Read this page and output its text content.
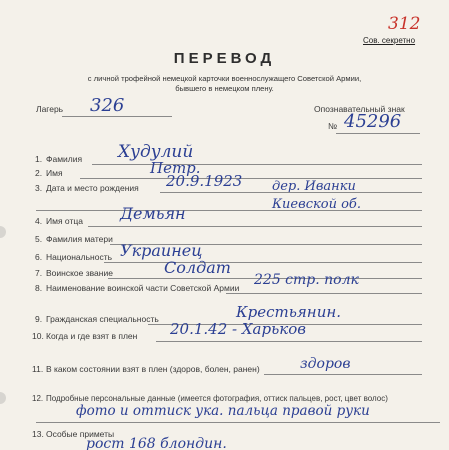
312
Сов. секретно
ПЕРЕВОД
с личной трофейной немецкой карточки военнослужащего Советской Армии,
бывшего в немецком плену.
Лагерь 326	Опознавательный знак
№ 45296
1. Фамилия Худулий
2. Имя	Петр.
3. Дата и место рождения 20.9.1923 дер. Иванки Киевской об.
4. Имя отца Демьян
5. Фамилия матери
6. Национальность Украинец
7. Воинское звание	Солдат
8. Наименование воинской части Советской Армии 225 стр. полк
9. Гражданская специальность	Крестьянин.
10. Когда и где взят в плен 20.1.42 - Харьков
11. В каком состоянии взят в плен (здоров, болен, ранен)	здоров
12. Подробные персональные данные (имеется фотография, оттиск пальцев, рост, цвет волос)
фото и оттиск ука. пальца правой руки
13. Особые приметы
рост 168 блондин.
